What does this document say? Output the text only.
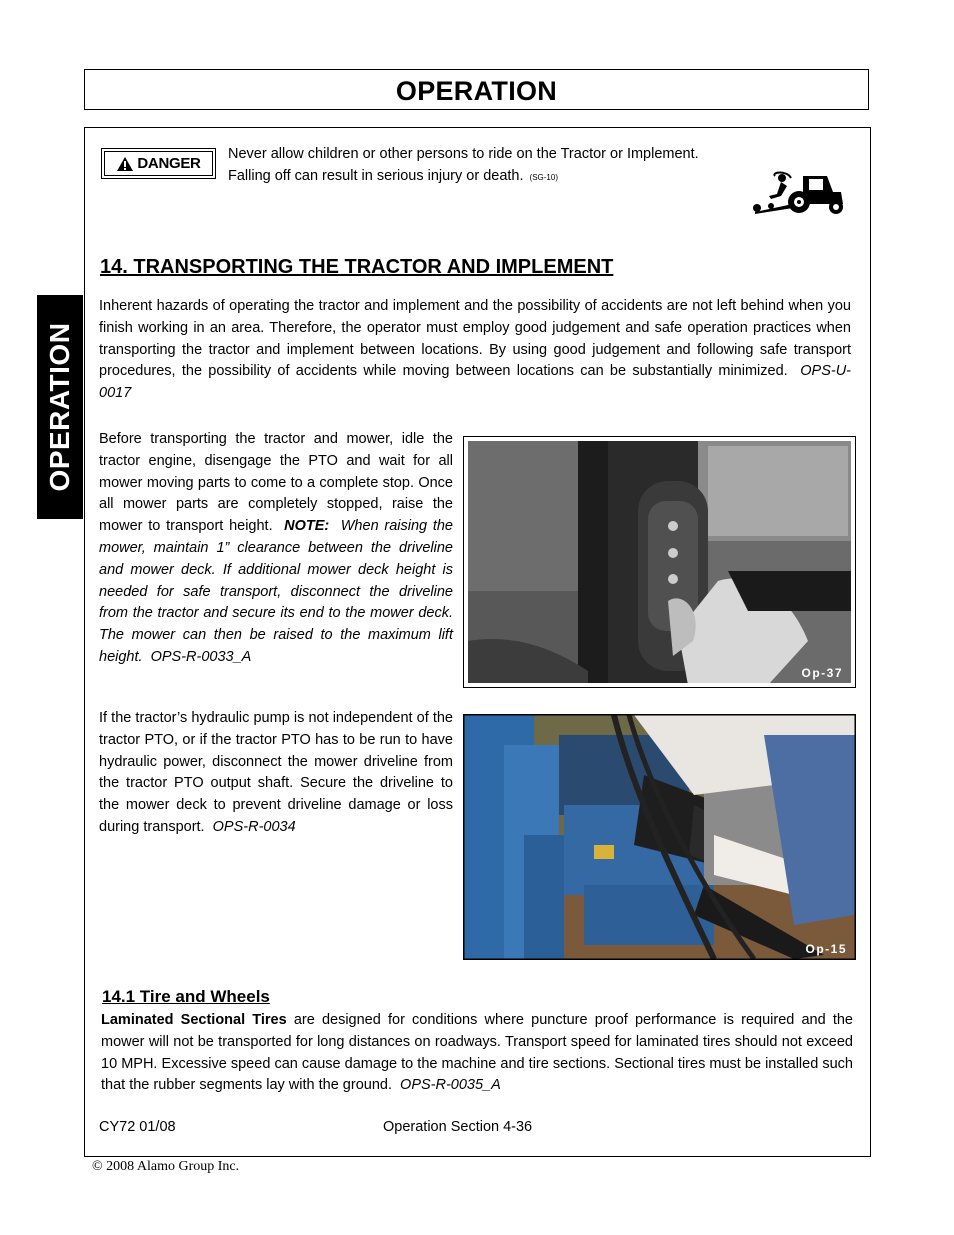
OPERATION
OPERATION
DANGER
Never allow children or other persons to ride on the Tractor or Implement.
Falling off can result in serious injury or death. (SG-10)
14. TRANSPORTING THE TRACTOR AND IMPLEMENT
Inherent hazards of operating the tractor and implement and the possibility of accidents are not left behind when you finish working in an area. Therefore, the operator must employ good judgement and safe operation practices when transporting the tractor and implement between locations. By using good judgement and following safe transport procedures, the possibility of accidents while moving between locations can be substantially minimized. OPS-U- 0017
Before transporting the tractor and mower, idle the tractor engine, disengage the PTO and wait for all mower moving parts to come to a complete stop. Once all mower parts are completely stopped, raise the mower to transport height. NOTE: When raising the mower, maintain 1” clearance between the driveline and mower deck. If additional mower deck height is needed for safe transport, disconnect the driveline from the tractor and secure its end to the mower deck. The mower can then be raised to the maximum lift height. OPS-R-0033_A
Op-37
If the tractor’s hydraulic pump is not independent of the tractor PTO, or if the tractor PTO has to be run to have hydraulic power, disconnect the mower driveline from the tractor PTO output shaft. Secure the driveline to the mower deck to prevent driveline damage or loss during transport. OPS-R-0034
Op-15
14.1 Tire and Wheels
Laminated Sectional Tires are designed for conditions where puncture proof performance is required and the mower will not be transported for long distances on roadways. Transport speed for laminated tires should not exceed 10 MPH. Excessive speed can cause damage to the machine and tire sections. Sectional tires must be installed such that the rubber segments lay with the ground. OPS-R-0035_A
CY72 01/08	Operation Section 4-36
© 2008 Alamo Group Inc.
